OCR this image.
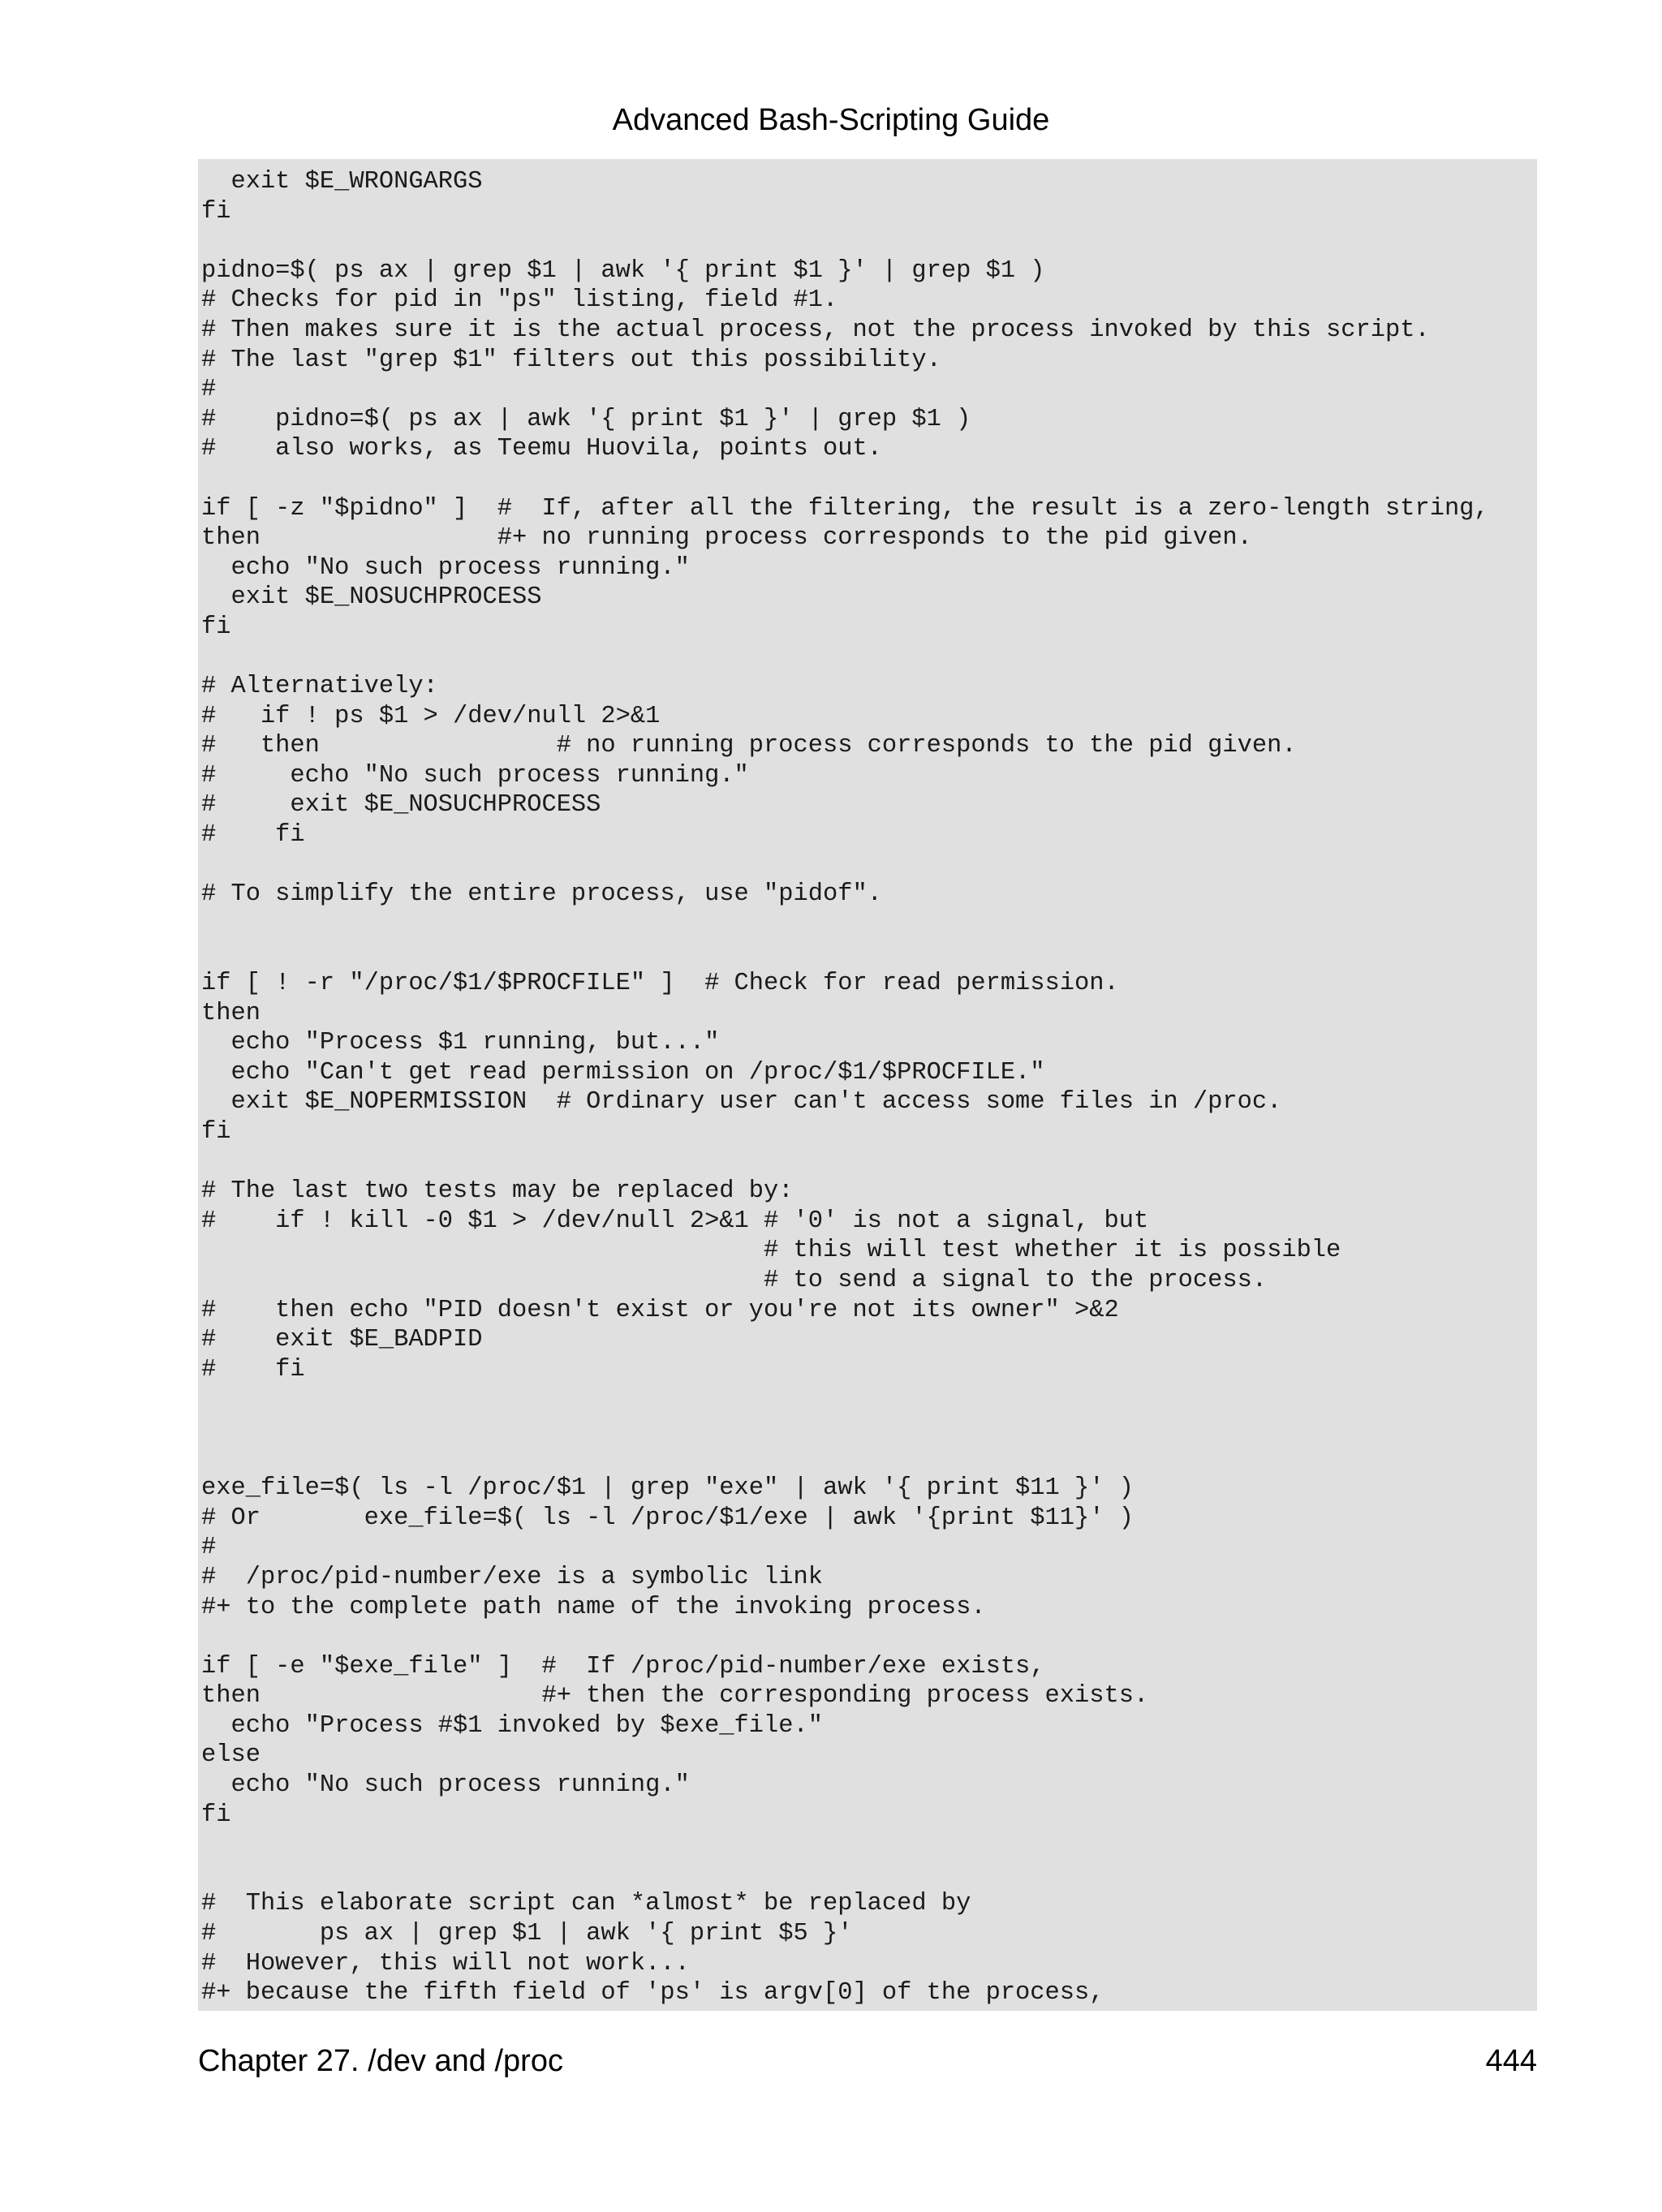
Advanced Bash-Scripting Guide
exit $E_WRONGARGS
fi

pidno=$( ps ax | grep $1 | awk '{ print $1 }' | grep $1 )
# Checks for pid in "ps" listing, field #1.
# Then makes sure it is the actual process, not the process invoked by this script.
# The last "grep $1" filters out this possibility.
#
#    pidno=$( ps ax | awk '{ print $1 }' | grep $1 )
#    also works, as Teemu Huovila, points out.

if [ -z "$pidno" ]  #  If, after all the filtering, the result is a zero-length string,
then                #+ no running process corresponds to the pid given.
echo "No such process running."
exit $E_NOSUCHPROCESS
fi

# Alternatively:
#   if ! ps $1 > /dev/null 2>&1
#   then                # no running process corresponds to the pid given.
#     echo "No such process running."
#     exit $E_NOSUCHPROCESS
#    fi

# To simplify the entire process, use "pidof".

if [ ! -r "/proc/$1/$PROCFILE" ]  # Check for read permission.
then
echo "Process $1 running, but..."
echo "Can't get read permission on /proc/$1/$PROCFILE."
exit $E_NOPERMISSION  # Ordinary user can't access some files in /proc.
fi

# The last two tests may be replaced by:
#    if ! kill -0 $1 > /dev/null 2>&1 # '0' is not a signal, but
# this will test whether it is possible
# to send a signal to the process.
#    then echo "PID doesn't exist or you're not its owner" >&2
#    exit $E_BADPID
#    fi

exe_file=$( ls -l /proc/$1 | grep "exe" | awk '{ print $11 }' )
# Or       exe_file=$( ls -l /proc/$1/exe | awk '{print $11}' )
#
#  /proc/pid-number/exe is a symbolic link
#+ to the complete path name of the invoking process.

if [ -e "$exe_file" ]  #  If /proc/pid-number/exe exists,
then                   #+ then the corresponding process exists.
echo "Process #$1 invoked by $exe_file."
else
echo "No such process running."
fi

#  This elaborate script can *almost* be replaced by
#       ps ax | grep $1 | awk '{ print $5 }'
#  However, this will not work...
#+ because the fifth field of 'ps' is argv[0] of the process,
Chapter 27. /dev and /proc	444
